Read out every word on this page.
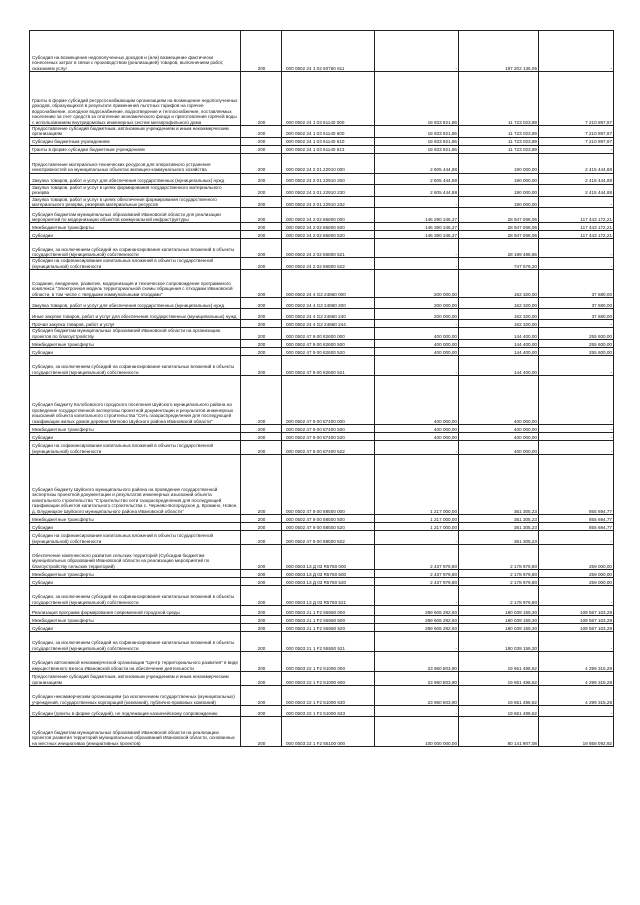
Субсидия на возмещение недополученных доходов и (или) возмещение фактически понесенных затрат в связи с производством (реализацией) товаров, выполнением работ, оказанием услуг	200	000 0502 24 1 02 60760 811	-	197 202 136,05	-
Гранты в форме субсидий ресурсоснабжающим организациям на возмещение недополученных доходов, образующихся в результате применения льготных тарифов на горячее водоснабжение, холодное водоснабжение, водоотведение и теплоснабжение, поставляемых населению за счет средств за отопление экономического фонда и приготовления горячей воды с использованием внутридомовых инженерных систем мегапрофильного дома	200	000 0502 24 1 03 61140 000	18 933 921,86	11 723 023,89	7 210 897,97
Предоставление субсидий бюджетным, автономным учреждениям и иным некоммерческим организациям	200	000 0502 24 1 03 61140 600	18 933 921,86	11 723 023,89	7 210 897,97
Субсидии бюджетным учреждениям	200	000 0502 24 1 03 61140 610	18 933 921,86	11 723 023,89	7 210 897,97
Гранты в форме субсидии бюджетным учреждениям	200	000 0502 24 1 03 61140 613	18 933 921,86	11 723 023,89	-
Предоставление материально-технических ресурсов для оперативного устранения неисправностей на муниципальных объектах жилищно-коммунального хозяйства	200	000 0502 24 2 01 22910 000	2 605 444,88	190 000,00	2 415 444,88
Закупка товаров, работ и услуг для обеспечения государственных (муниципальных) нужд	200	000 0502 24 2 01 22910 200	2 605 444,88	190 000,00	2 415 444,88
Закупка товаров, работ и услуг в целях формирования государственного материального резерва	200	000 0502 24 2 01 22910 230	2 605 444,88	190 000,00	2 415 444,88
Закупка товаров, работ и услуг в целях обеспечения формирования государственного материального резерва, резервов материальных ресурсов	200	000 0502 24 2 01 22910 232	-	190 000,00	-
Субсидия бюджетам муниципальных образований Ивановской области для реализации мероприятий по модернизации объектов коммунальной инфраструктуры	200	000 0502 24 2 02 86800 000	146 290 246,27	28 947 068,06	117 443 172,21
Межбюджетные трансферты	200	000 0502 24 2 02 86800 500	146 390 246,27	28 947 068,06	117 443 172,21
Субсидии	200	000 0502 24 2 02 86800 520	146 390 246,27	28 947 068,06	117 443 172,21
Субсидии, за исключением субсидий на софинансирование капитальных вложений в объекты государственной (муниципальной) собственности	200	000 0502 24 2 02 86800 521	-	28 199 488,86	-
Субсидии на софинансирование капитальных вложений в объекты государственной (муниципальной) собственности	200	000 0502 24 2 02 86800 522	-	747 579,20	-
Создание, внедрение, развитие, модернизация и техническое сопровождение программного комплекса "Электронная модель территориальной схемы обращения с отходами Ивановской области, в том числе с твердыми коммунальными отходами"	200	000 0502 24 4 G2 24860 000	200 000,00	162 320,00	37 680,00
Закупка товаров, работ и услуг для обеспечения государственных (муниципальных) нужд	200	000 0502 24 4 G2 24860 200	200 000,00	162 320,00	37 680,00
Иные закупки товаров, работ и услуг для обеспечения государственных (муниципальных) нужд	200	000 0502 24 4 G2 24860 240	200 000,00	162 320,00	37 680,00
Прочая закупка товаров, работ и услуг	200	000 0502 24 4 G2 24860 244	-	162 320,00	-
Субсидия бюджетам муниципальных образований Ивановской области на организацию проектов по благоустройству	200	000 0502 47 9 00 82600 000	400 000,00	144 400,00	255 600,00
Межбюджетные трансферты	200	000 0502 47 9 00 82600 500	400 000,00	144 400,00	255 600,00
Субсидии	200	000 0502 47 9 00 82600 520	400 000,00	144 400,00	255 600,00
Субсидии, за исключением субсидий на софинансирование капитальных вложений в объекты государственной (муниципальной) собственности	200	000 0502 47 9 00 82600 521	-	144 400,00	-
Субсидия бюджету Колобовского городского поселения Шуйского муниципального района на проведение государственной экспертизы проектной документации и результатов инженерных изысканий объекта капитального строительства "Сеть газораспределения для последующей газификации жилых домов деревни Митково Шуйского района Ивановской области"	200	000 0502 47 9 00 87400 000	400 000,00	400 000,00	-
Межбюджетные трансферты	200	000 0502 47 9 00 87400 500	400 000,00	400 000,00	-
Субсидии	200	000 0502 47 9 00 87400 520	400 000,00	400 000,00	-
Субсидии на софинансирование капитальных вложений в объекты государственной (муниципальной) собственности	200	000 0502 47 9 00 87400 522	-	400 000,00	-
Субсидия бюджету Шуйского муниципального района на проведение государственной экспертизы проектной документации и результатов инженерных изысканий объекта капитального строительства "Строительство сети газораспределения для последующей газификации объектов капитального строительства с. Чернево-Богородское д. Кромино, Новое, д. Блудницкое Шуйского муниципального района Ивановской области"	200	000 0502 47 9 00 88500 000	1 217 000,00	361 305,23	855 694,77
Межбюджетные трансферты	200	000 0502 47 9 00 88500 500	1 217 000,00	361 305,23	855 694,77
Субсидии	200	000 0502 47 9 00 88500 520	1 217 000,00	361 305,23	855 694,77
Субсидии на софинансирование капитальных вложений в объекты государственной (муниципальной) собственности	200	000 0502 47 9 00 88500 522	-	361 305,23	-
Обеспечение комплексного развития сельских территорий (Субсидии бюджетам муниципальных образований Ивановской области на реализацию мероприятий по благоустройству сельских территорий)	200	000 0503 13 Д 03 R5760 000	2 437 979,80	2 178 979,80	259 000,00
Межбюджетные трансферты	200	000 0503 13 Д 03 R5760 500	2 437 979,80	2 178 979,80	259 000,00
Субсидии	200	000 0503 13 Д 03 R5760 520	2 437 979,80	2 178 979,80	259 000,00
Субсидии, за исключением субсидий на софинансирование капитальных вложений в объекты государственной (муниципальной) собственности	200	000 0503 13 Д 03 R5760 521	-	2 178 979,80	-
Реализация программ формирования современной городской среды	200	000 0503 21 1 F2 55550 000	289 606 282,60	180 039 159,30	109 567 103,28
Межбюджетные трансферты	200	000 0503 21 1 F2 55550 500	289 606 282,60	180 039 159,30	109 567 103,28
Субсидии	200	000 0503 21 1 F2 55550 520	289 606 282,60	180 039 159,30	109 567 103,28
Субсидии, за исключением субсидий на софинансирование капитальных вложений в объекты государственной (муниципальной) собственности	200	000 0503 21 1 F2 55550 521	-	180 039 159,30	-
Субсидия автономной некоммерческой организации "Центр территориального развития" в виде имущественного взноса Ивановской области на обеспечение деятельности	200	000 0503 22 1 F2 51090 000	23 960 803,90	19 661 488,62	4 299 315,28
Предоставление субсидий бюджетным, автономным учреждениям и иным некоммерческим организациям	200	000 0503 22 1 F2 51090 600	23 960 803,90	19 661 488,62	4 299 315,28
Субсидии некоммерческим организациям (за исключением государственных (муниципальных) учреждений, государственных корпораций (компаний), публично-правовых компаний)	200	000 0503 22 1 F2 51090 630	23 960 803,90	19 661 488,62	4 299 315,28
Субсидии (гранты в форме субсидий), не подлежащие казначейскому сопровождению	200	000 0503 22 1 F2 51090 633	-	19 661 488,62	-
Субсидия бюджетам муниципальных образований Ивановской области на реализацию проектов развития территорий муниципальных образований Ивановской области, основанных на местных инициативах (инициативных проектов)	200	000 0503 22 1 F2 65100 000	100 000 000,00	80 141 907,08	19 858 092,92
